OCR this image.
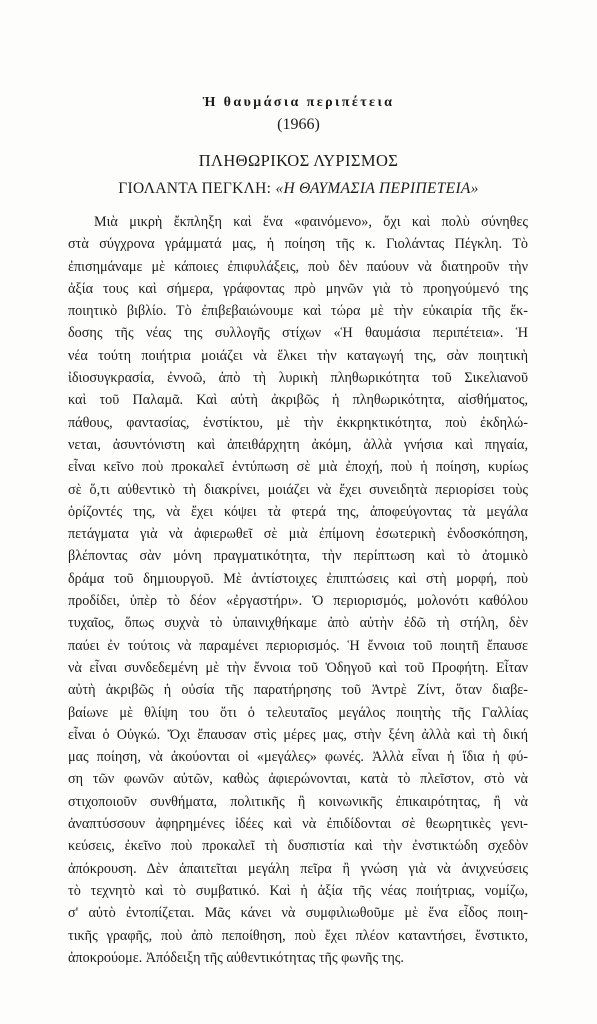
Ἡ θαυμάσια περιπέτεια
(1966)
ΠΛΗΘΩΡΙΚΟΣ ΛΥΡΙΣΜΟΣ
ΓΙΟΛΑΝΤΑ ΠΕΓΚΛΗ: «Η ΘΑΥΜΑΣΙΑ ΠΕΡΙΠΕΤΕΙΑ»
Μιὰ μικρὴ ἔκπληξη καὶ ἕνα «φαινόμενο», ὄχι καὶ πολὺ σύνηθες
στὰ σύγχρονα γράμματά μας, ἡ ποίηση τῆς κ. Γιολάντας Πέγκλη. Τὸ
ἐπισημάναμε μὲ κάποιες ἐπιφυλάξεις, ποὺ δὲν παύουν νὰ διατηροῦν τὴν
ἀξία τους καὶ σήμερα, γράφοντας πρὸ μηνῶν γιὰ τὸ προηγούμενό της
ποιητικὸ βιβλίο. Τὸ ἐπιβεβαιώνουμε καὶ τώρα μὲ τὴν εὐκαιρία τῆς ἔκ-
δοσης τῆς νέας της συλλογῆς στίχων «Ἡ θαυμάσια περιπέτεια». Ἡ
νέα τούτη ποιήτρια μοιάζει νὰ ἕλκει τὴν καταγωγή της, σὰν ποιητικὴ
ἰδιοσυγκρασία, ἐννοῶ, ἀπὸ τὴ λυρικὴ πληθωρικότητα τοῦ Σικελιανοῦ
καὶ τοῦ Παλαμᾶ. Καὶ αὐτὴ ἀκριβῶς ἡ πληθωρικότητα, αἰσθήματος,
πάθους, φαντασίας, ἐνστίκτου, μὲ τὴν ἐκκρηκτικότητα, ποὺ ἐκδηλώ-
νεται, ἀσυντόνιστη καὶ ἀπειθάρχητη ἀκόμη, ἀλλὰ γνήσια καὶ πηγαία,
εἶναι κεῖνο ποὺ προκαλεῖ ἐντύπωση σὲ μιὰ ἐποχή, ποὺ ἡ ποίηση, κυρίως
σὲ ὅ,τι αὐθεντικὸ τὴ διακρίνει, μοιάζει νὰ ἔχει συνειδητὰ περιορίσει τοὺς
ὁρίζοντές της, νὰ ἔχει κόψει τὰ φτερά της, ἀποφεύγοντας τὰ μεγάλα
πετάγματα γιὰ νὰ ἀφιερωθεῖ σὲ μιὰ ἐπίμονη ἐσωτερικὴ ἐνδοσκόπηση,
βλέποντας σὰν μόνη πραγματικότητα, τὴν περίπτωση καὶ τὸ ἀτομικὸ
δράμα τοῦ δημιουργοῦ. Μὲ ἀντίστοιχες ἐπιπτώσεις καὶ στὴ μορφή, ποὺ
προδίδει, ὑπὲρ τὸ δέον «ἐργαστήρι». Ὁ περιορισμός, μολονότι καθόλου
τυχαῖος, ὅπως συχνὰ τὸ ὑπαινιχθήκαμε ἀπὸ αὐτὴν ἐδῶ τὴ στήλη, δὲν
παύει ἐν τούτοις νὰ παραμένει περιορισμός. Ἡ ἔννοια τοῦ ποιητῆ ἔπαυσε
νὰ εἶναι συνδεδεμένη μὲ τὴν ἔννοια τοῦ Ὁδηγοῦ καὶ τοῦ Προφήτη. Εἶταν
αὐτὴ ἀκριβῶς ἡ οὐσία τῆς παρατήρησης τοῦ Ἀντρὲ Ζίντ, ὅταν διαβε-
βαίωνε μὲ θλίψη του ὅτι ὁ τελευταῖος μεγάλος ποιητὴς τῆς Γαλλίας
εἶναι ὁ Οὐγκώ. Ὄχι ἔπαυσαν στὶς μέρες μας, στὴν ξένη ἀλλὰ καὶ τὴ δική
μας ποίηση, νὰ ἀκούονται οἱ «μεγάλες» φωνές. Ἀλλὰ εἶναι ἡ ἴδια ἡ φύ-
ση τῶν φωνῶν αὐτῶν, καθὼς ἀφιερώνονται, κατὰ τὸ πλεῖστον, στὸ νὰ
στιχοποιοῦν συνθήματα, πολιτικῆς ἢ κοινωνικῆς ἐπικαιρότητας, ἢ νὰ
ἀναπτύσσουν ἀφηρημένες ἰδέες καὶ νὰ ἐπιδίδονται σὲ θεωρητικὲς γενι-
κεύσεις, ἐκεῖνο ποὺ προκαλεῖ τὴ δυσπιστία καὶ τὴν ἐνστικτώδη σχεδὸν
ἀπόκρουση. Δὲν ἀπαιτεῖται μεγάλη πεῖρα ἢ γνώση γιὰ νὰ ἀνιχνεύσεις
τὸ τεχνητὸ καὶ τὸ συμβατικό. Καὶ ἡ ἀξία τῆς νέας ποιήτριας, νομίζω,
σ' αὐτὸ ἐντοπίζεται. Μᾶς κάνει νὰ συμφιλιωθοῦμε μὲ ἕνα εἶδος ποιη-
τικῆς γραφῆς, ποὺ ἀπὸ πεποίθηση, ποὺ ἔχει πλέον καταντήσει, ἔνστικτο,
ἀποκρούομε. Ἀπόδειξη τῆς αὐθεντικότητας τῆς φωνῆς της.
